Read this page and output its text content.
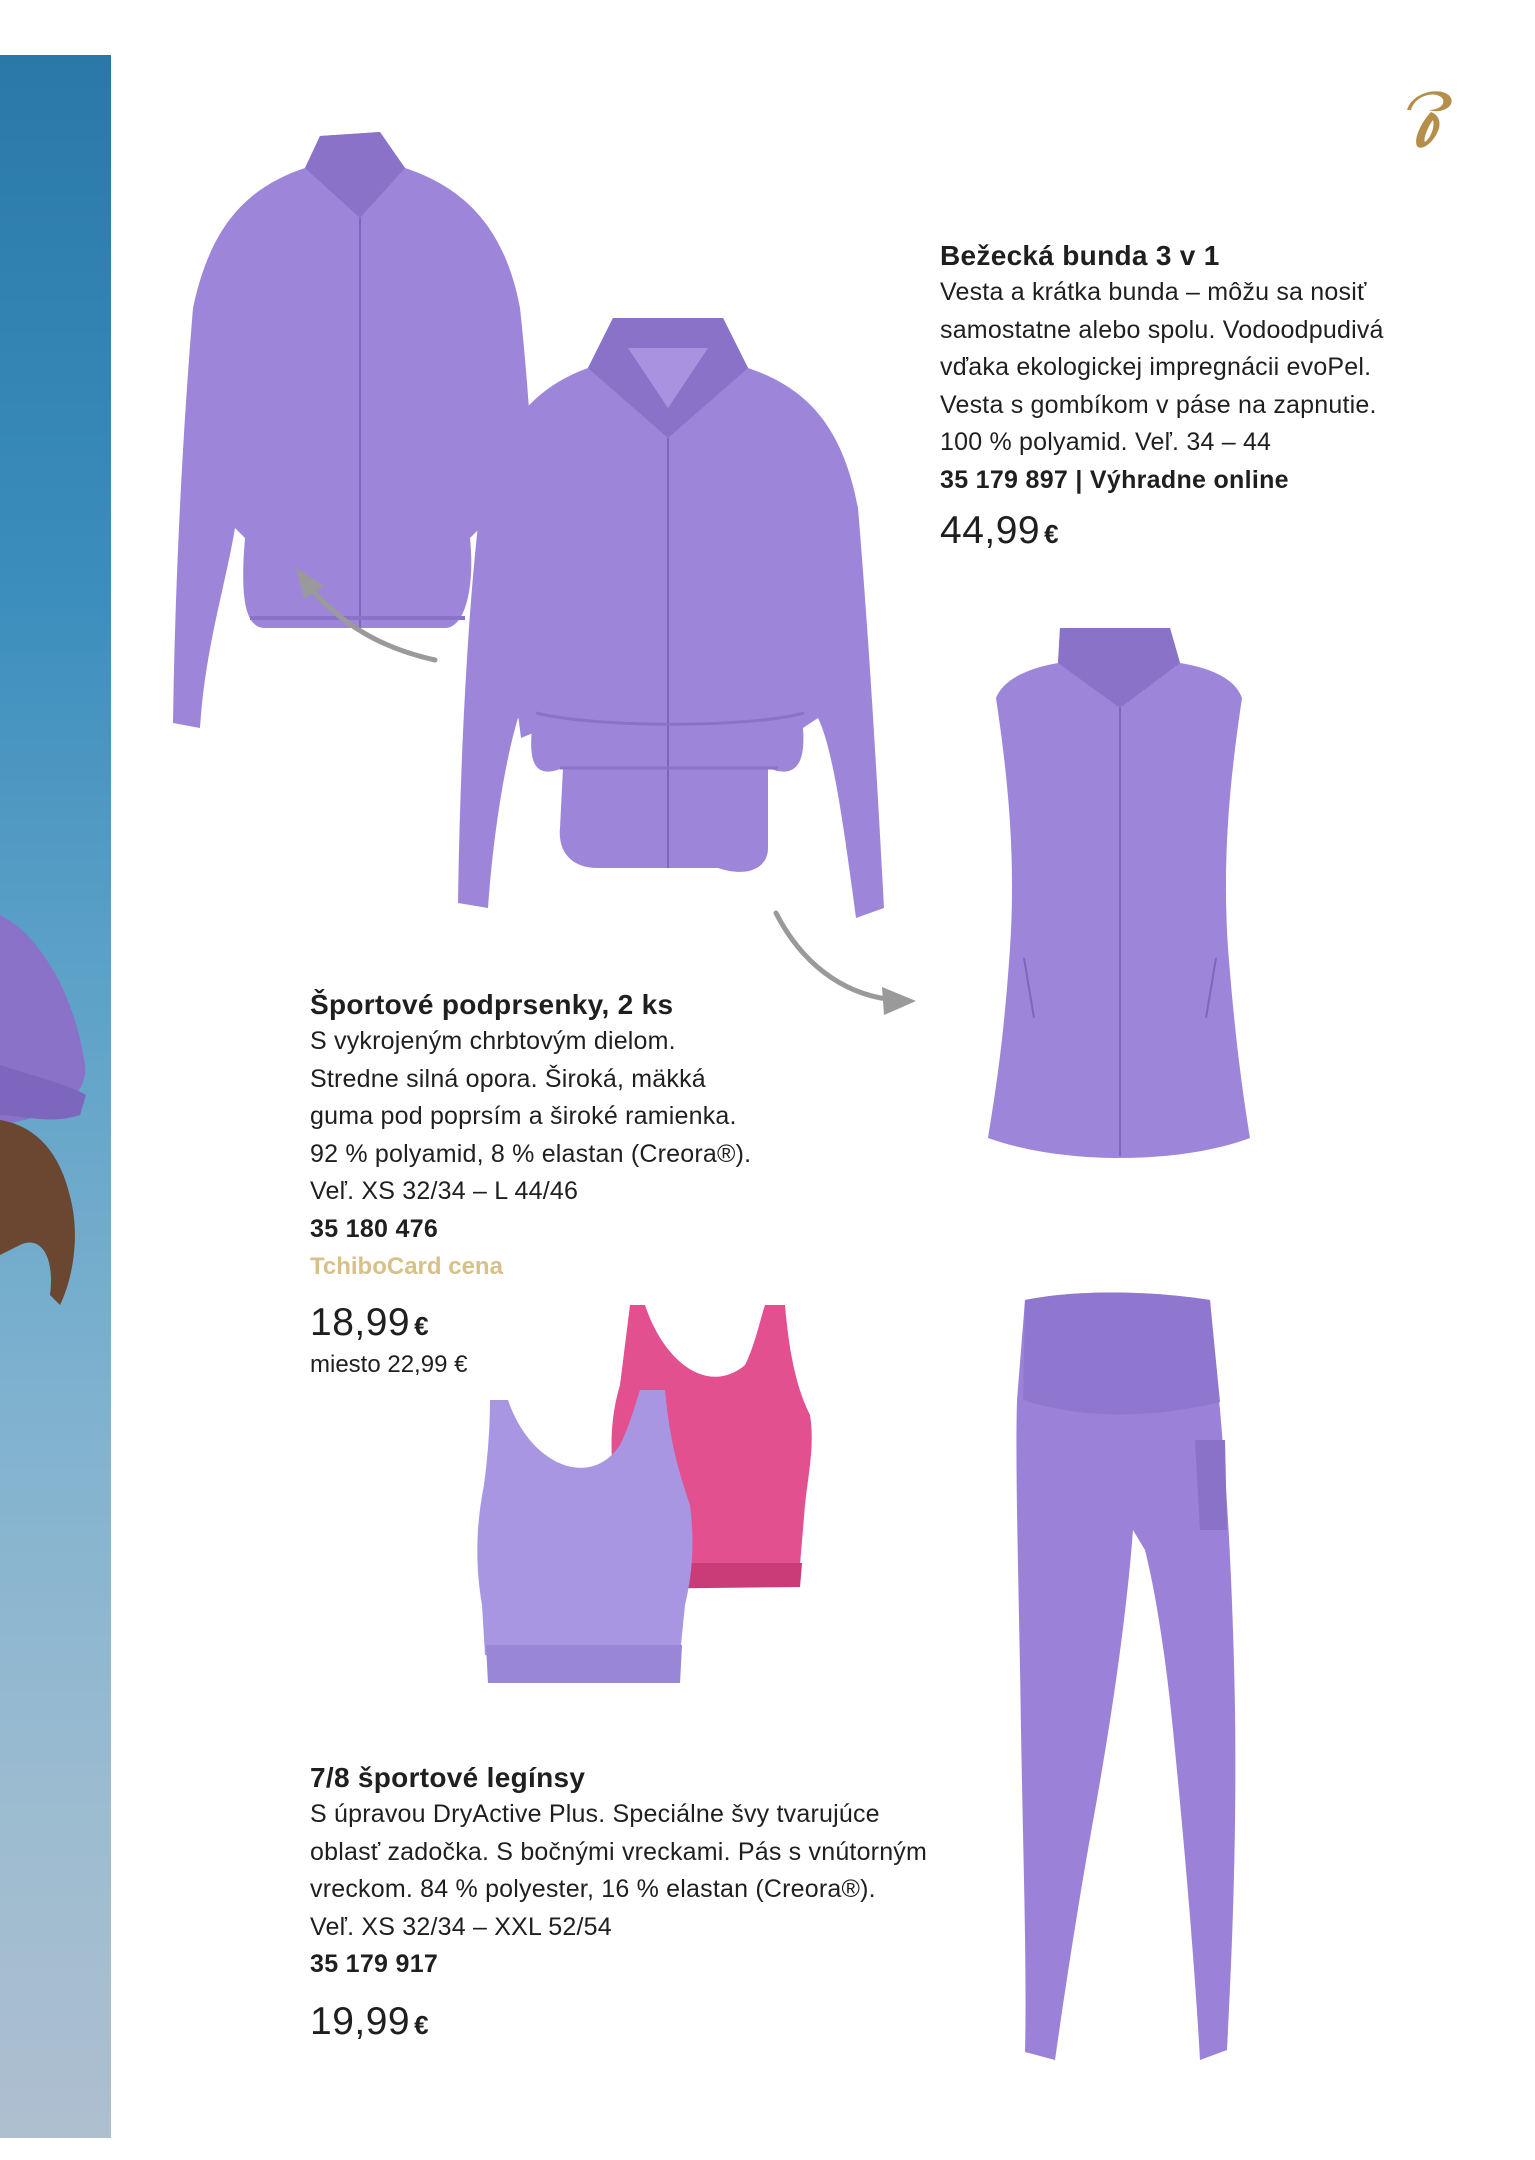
Bežecká bunda 3 v 1

Vesta a krátka bunda – môžu sa nosiť

samostatne alebo spolu. Vodoodpudivá

vďaka ekologickej impregnácii evoPel.

Vesta s gombíkom v páse na zapnutie.

100 % polyamid. Veľ. 34 – 44

35 179 897 | Výhradne online

44,99 €

Športové podprsenky, 2 ks

S vykrojeným chrbtovým dielom.

Stredne silná opora. Široká, mäkká

guma pod poprsím a široké ramienka.

92 % polyamid, 8 % elastan (Creora®).

Veľ. XS 32/34 – L 44/46

35 180 476

TchiboCard cena

18,99 €

miesto 22,99 €

7/8 športové legínsy

S úpravou DryActive Plus. Speciálne švy tvarujúce

oblasť zadočka. S bočnými vreckami. Pás s vnútorným

vreckom. 84 % polyester, 16 % elastan (Creora®).

Veľ. XS 32/34 – XXL 52/54

35 179 917

19,99 €
